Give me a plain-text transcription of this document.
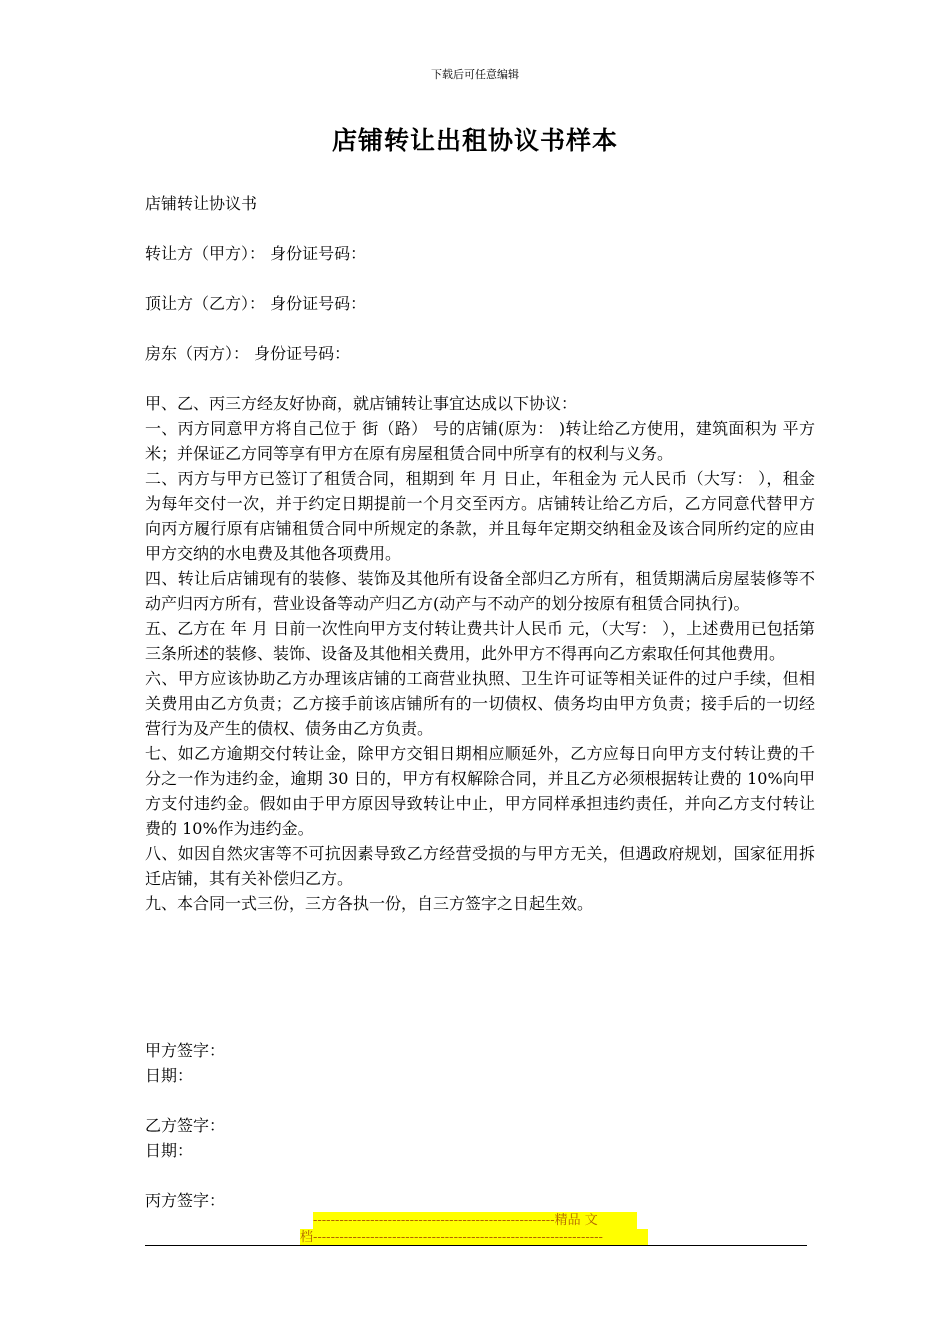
下载后可任意编辑
店铺转让出租协议书样本
店铺转让协议书
转让方（甲方）： 身份证号码：
顶让方（乙方）： 身份证号码：
房东（丙方）： 身份证号码：
甲、乙、丙三方经友好协商，就店铺转让事宜达成以下协议：
一、丙方同意甲方将自己位于 街（路） 号的店铺(原为： )转让给乙方使用，建筑面积为 平方米；并保证乙方同等享有甲方在原有房屋租赁合同中所享有的权利与义务。
二、丙方与甲方已签订了租赁合同，租期到 年 月 日止，年租金为 元人民币（大写： ），租金为每年交付一次，并于约定日期提前一个月交至丙方。店铺转让给乙方后，乙方同意代替甲方向丙方履行原有店铺租赁合同中所规定的条款，并且每年定期交纳租金及该合同所约定的应由甲方交纳的水电费及其他各项费用。
四、转让后店铺现有的装修、装饰及其他所有设备全部归乙方所有，租赁期满后房屋装修等不动产归丙方所有，营业设备等动产归乙方(动产与不动产的划分按原有租赁合同执行)。
五、乙方在 年 月 日前一次性向甲方支付转让费共计人民币 元，（大写： ），上述费用已包括第三条所述的装修、装饰、设备及其他相关费用，此外甲方不得再向乙方索取任何其他费用。
六、甲方应该协助乙方办理该店铺的工商营业执照、卫生许可证等相关证件的过户手续，但相关费用由乙方负责；乙方接手前该店铺所有的一切债权、债务均由甲方负责；接手后的一切经营行为及产生的债权、债务由乙方负责。
七、如乙方逾期交付转让金，除甲方交钼日期相应顺延外，乙方应每日向甲方支付转让费的千分之一作为违约金，逾期 30 日的，甲方有权解除合同，并且乙方必须根据转让费的 10%向甲方支付违约金。假如由于甲方原因导致转让中止，甲方同样承担违约责任，并向乙方支付转让费的 10%作为违约金。
八、如因自然灾害等不可抗因素导致乙方经营受损的与甲方无关，但遇政府规划，国家征用拆迁店铺，其有关补偿归乙方。
九、本合同一式三份，三方各执一份，自三方签字之日起生效。
甲方签字：
日期：
乙方签字：
日期：
丙方签字：
-------------------------------------------------------精品 文
档------------------------------------------------------------------
